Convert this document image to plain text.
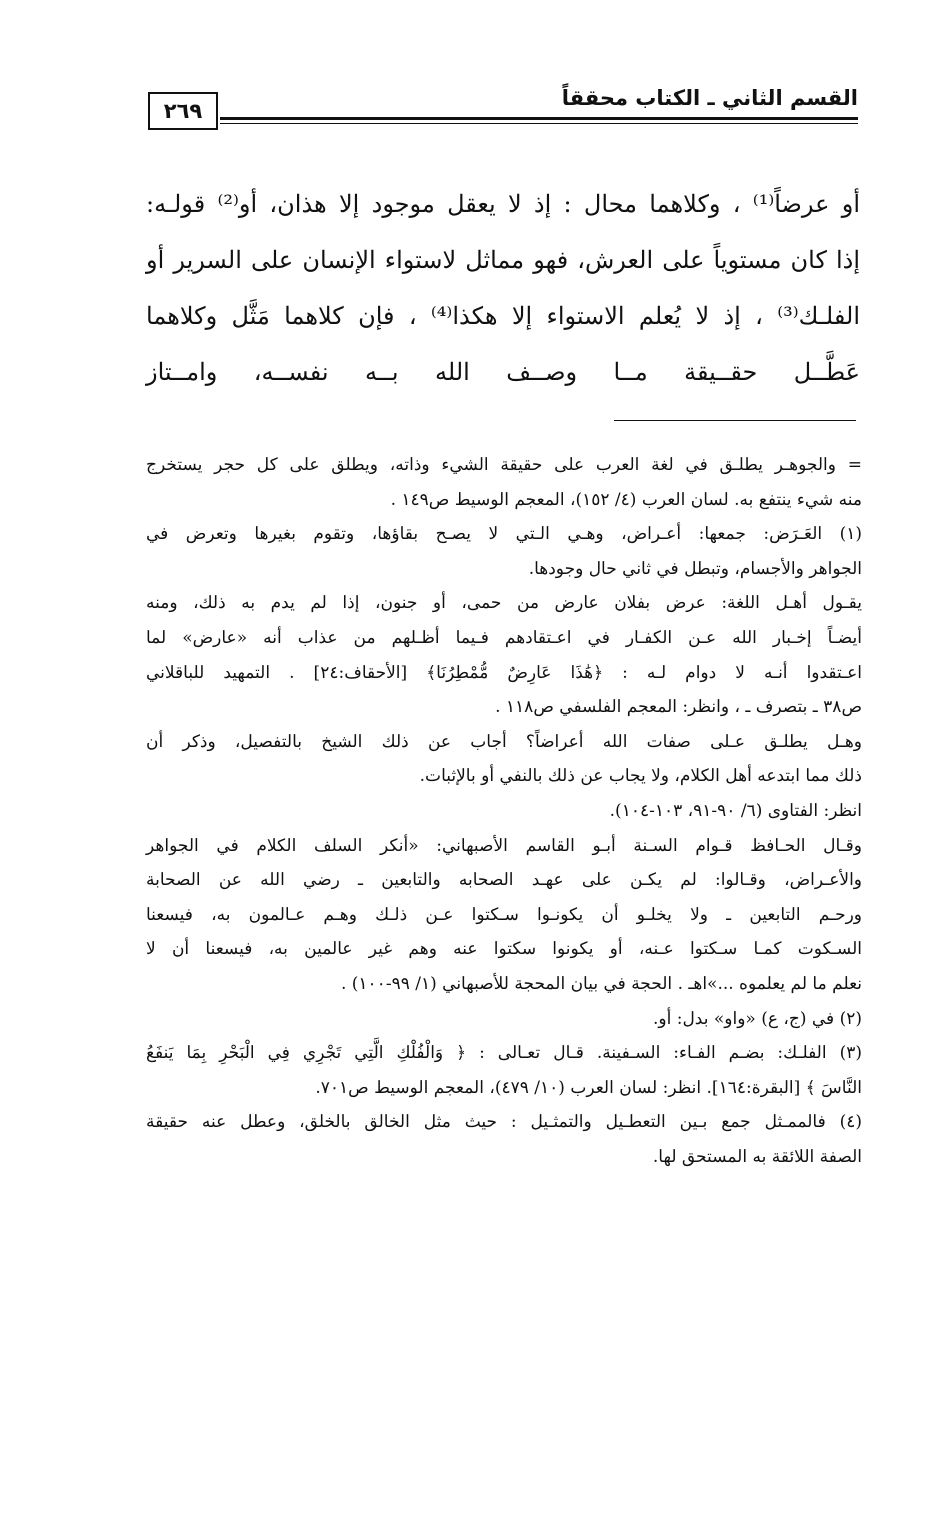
القسم الثاني ـ الكتاب محققاً
٢٦٩
أو عرضاً⁽¹⁾ ، وكلاهما محال : إذ لا يعقل موجود إلا هذان، أو⁽²⁾ قولـه:
إذا كان مستوياً على العرش، فهو مماثل لاستواء الإنسان على السرير أو
الفلـك⁽³⁾ ، إذ لا يُعلم الاستواء إلا هكذا⁽⁴⁾ ، فإن كلاهما مَثَّل وكلاهما
عَطَّــل حقــيقة مــا وصــف الله بــه نفســه، وامــتاز
= والجوهـر يطلـق في لغة العرب على حقيقة الشيء وذاته، ويطلق على كل حجر يستخرج
منه شيء ينتفع به. لسان العرب (٤/ ١٥٢)، المعجم الوسيط ص١٤٩ .
(١) العَـرَض: جمعها: أعـراض، وهـي الـتي لا يصـح بقاؤها، وتقوم بغيرها وتعرض في
الجواهر والأجسام، وتبطل في ثاني حال وجودها.
يقـول أهـل اللغة: عرض بفلان عارض من حمى، أو جنون، إذا لم يدم به ذلك، ومنه
أيضـاً إخـبار الله عـن الكفـار في اعـتقادهم فـيما أظـلهم من عذاب أنه «عارض» لما
اعـتقدوا أنـه لا دوام لـه : ﴿هَٰذَا عَارِضٌ مُّمْطِرُنَا﴾ [الأحقاف:٢٤] . التمهيد للباقلاني
ص٣٨ ـ بتصرف ـ ، وانظر: المعجم الفلسفي ص١١٨ .
وهـل يطلـق عـلى صفات الله أعراضاً؟ أجاب عن ذلك الشيخ بالتفصيل، وذكر أن
ذلك مما ابتدعه أهل الكلام، ولا يجاب عن ذلك بالنفي أو بالإثبات.
انظر: الفتاوى (٦/ ٩٠-٩١، ١٠٣-١٠٤).
وقـال الحـافظ قـوام السـنة أبـو القاسم الأصبهاني: «أنكر السلف الكلام في الجواهر
والأعـراض، وقـالوا: لم يكـن على عهـد الصحابه والتابعين ـ رضي الله عن الصحابة
ورحـم التابعين ـ ولا يخلـو أن يكونـوا سـكتوا عـن ذلـك وهـم عـالمون به، فيسعنا
السـكوت كمـا سـكتوا عـنه، أو يكونوا سكتوا عنه وهم غير عالمين به، فيسعنا أن لا
نعلم ما لم يعلموه ...»اهـ . الحجة في بيان المحجة للأصبهاني (١/ ٩٩-١٠٠) .
(٢) في (ج، ع) «واو» بدل: أو.
(٣) الفلـك: بضـم الفـاء: السـفينة. قـال تعـالى : ﴿ وَالْفُلْكِ الَّتِي تَجْرِي فِي الْبَحْرِ بِمَا يَنفَعُ
النَّاسَ ﴾ [البقرة:١٦٤]. انظر: لسان العرب (١٠/ ٤٧٩)، المعجم الوسيط ص٧٠١.
(٤) فالممـثل جمع بـين التعطـيل والتمثـيل : حيث مثل الخالق بالخلق، وعطل عنه حقيقة
الصفة اللائقة به المستحق لها.
